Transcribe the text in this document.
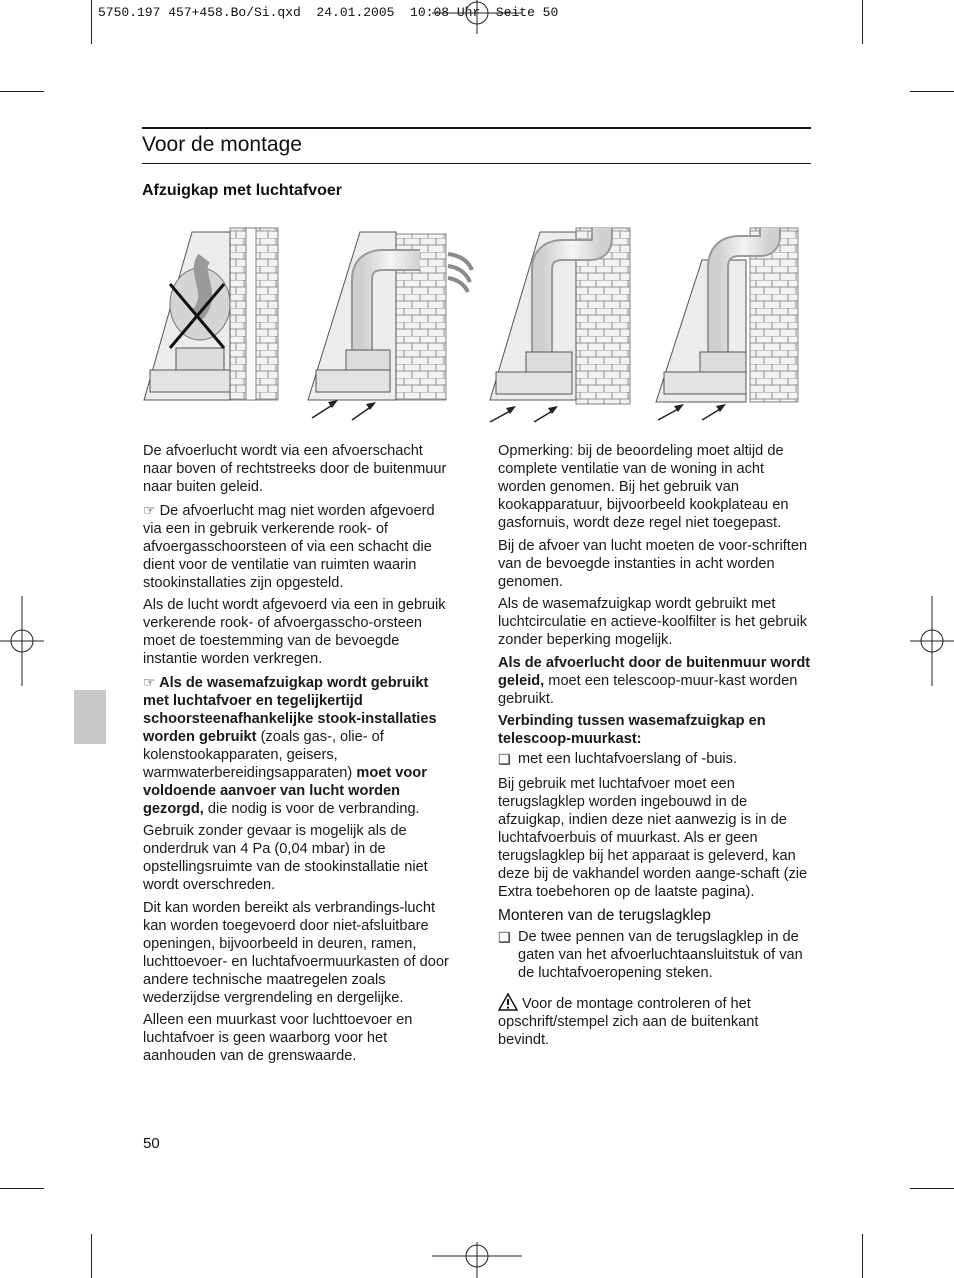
5750.197 457+458.Bo/Si.qxd  24.01.2005  10:08 Uhr  Seite 50
Voor de montage
Afzuigkap met luchtafvoer

De afvoerlucht wordt via een afvoerschacht naar boven of rechtstreeks door de buitenmuur naar buiten geleid.

☞ De afvoerlucht mag niet worden afgevoerd via een in gebruik verkerende rook- of afvoergasschoorsteen of via een schacht die dient voor de ventilatie van ruimten waarin stookinstallaties zijn opgesteld.

Als de lucht wordt afgevoerd via een in gebruik verkerende rook- of afvoergasscho-orsteen moet de toestemming van de bevoegde instantie worden verkregen.

☞ Als de wasemafzuigkap wordt gebruikt met luchtafvoer en tegelijkertijd schoorsteenafhankelijke stook-installaties worden gebruikt (zoals gas-, olie- of kolenstookapparaten, geisers, warmwaterbereidingsapparaten) moet voor voldoende aanvoer van lucht worden gezorgd, die nodig is voor de verbranding.

Gebruik zonder gevaar is mogelijk als de onderdruk van 4 Pa (0,04 mbar) in de opstellingsruimte van de stookinstallatie niet wordt overschreden.

Dit kan worden bereikt als verbrandings-lucht kan worden toegevoerd door niet-afsluitbare openingen, bijvoorbeeld in deuren, ramen, luchttoevoer- en luchtafvoermuurkasten of door andere technische maatregelen zoals wederzijdse vergrendeling en dergelijke.

Alleen een muurkast voor luchttoevoer en luchtafvoer is geen waarborg voor het aanhouden van de grenswaarde.

Opmerking: bij de beoordeling moet altijd de complete ventilatie van de woning in acht worden genomen. Bij het gebruik van kookapparatuur, bijvoorbeeld kookplateau en gasfornuis, wordt deze regel niet toegepast.

Bij de afvoer van lucht moeten de voor-schriften van de bevoegde instanties in acht worden genomen.

Als de wasemafzuigkap wordt gebruikt met luchtcirculatie en actieve-koolfilter is het gebruik zonder beperking mogelijk.

Als de afvoerlucht door de buitenmuur wordt geleid, moet een telescoop-muur-kast worden gebruikt.

Verbinding tussen wasemafzuigkap en telescoop-muurkast:

❑ met een luchtafvoerslang of -buis.

Bij gebruik met luchtafvoer moet een terugslagklep worden ingebouwd in de afzuigkap, indien deze niet aanwezig is in de luchtafvoerbuis of muurkast. Als er geen terugslagklep bij het apparaat is geleverd, kan deze bij de vakhandel worden aange-schaft (zie Extra toebehoren op de laatste pagina).

Monteren van de terugslagklep

❑ De twee pennen van de terugslagklep in de gaten van het afvoerluchtaansluitstuk of van de luchtafvoeropening steken.

Voor de montage controleren of het opschrift/stempel zich aan de buitenkant bevindt.

50
